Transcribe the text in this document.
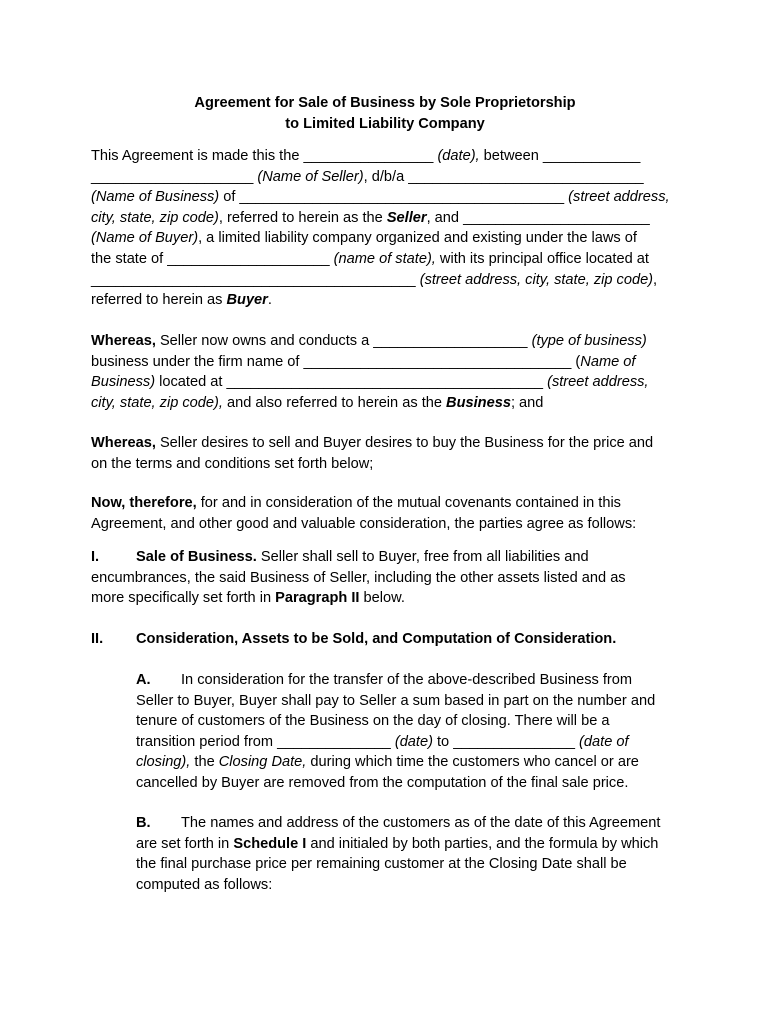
Agreement for Sale of Business by Sole Proprietorship
to Limited Liability Company
This Agreement is made this the ________________ (date), between ____________
____________________ (Name of Seller), d/b/a _____________________________
(Name of Business) of ________________________________________ (street address,
city, state, zip code), referred to herein as the Seller, and _______________________
(Name of Buyer), a limited liability company organized and existing under the laws of
the state of ____________________ (name of state), with its principal office located at
________________________________________ (street address, city, state, zip code),
referred to herein as Buyer.
Whereas, Seller now owns and conducts a ___________________ (type of business)
business under the firm name of _________________________________ (Name of
Business) located at _______________________________________ (street address,
city, state, zip code), and also referred to herein as the Business; and
Whereas, Seller desires to sell and Buyer desires to buy the Business for the price and
on the terms and conditions set forth below;
Now, therefore, for and in consideration of the mutual covenants contained in this
Agreement, and other good and valuable consideration, the parties agree as follows:
I.	Sale of Business. Seller shall sell to Buyer, free from all liabilities and
encumbrances, the said Business of Seller, including the other assets listed and as
more specifically set forth in Paragraph II below.
II. Consideration, Assets to be Sold, and Computation of Consideration.
A. In consideration for the transfer of the above-described Business from
Seller to Buyer, Buyer shall pay to Seller a sum based in part on the number and
tenure of customers of the Business on the day of closing. There will be a
transition period from ______________ (date) to _______________ (date of
closing), the Closing Date, during which time the customers who cancel or are
cancelled by Buyer are removed from the computation of the final sale price.
B. The names and address of the customers as of the date of this Agreement
are set forth in Schedule I and initialed by both parties, and the formula by which
the final purchase price per remaining customer at the Closing Date shall be
computed as follows:
